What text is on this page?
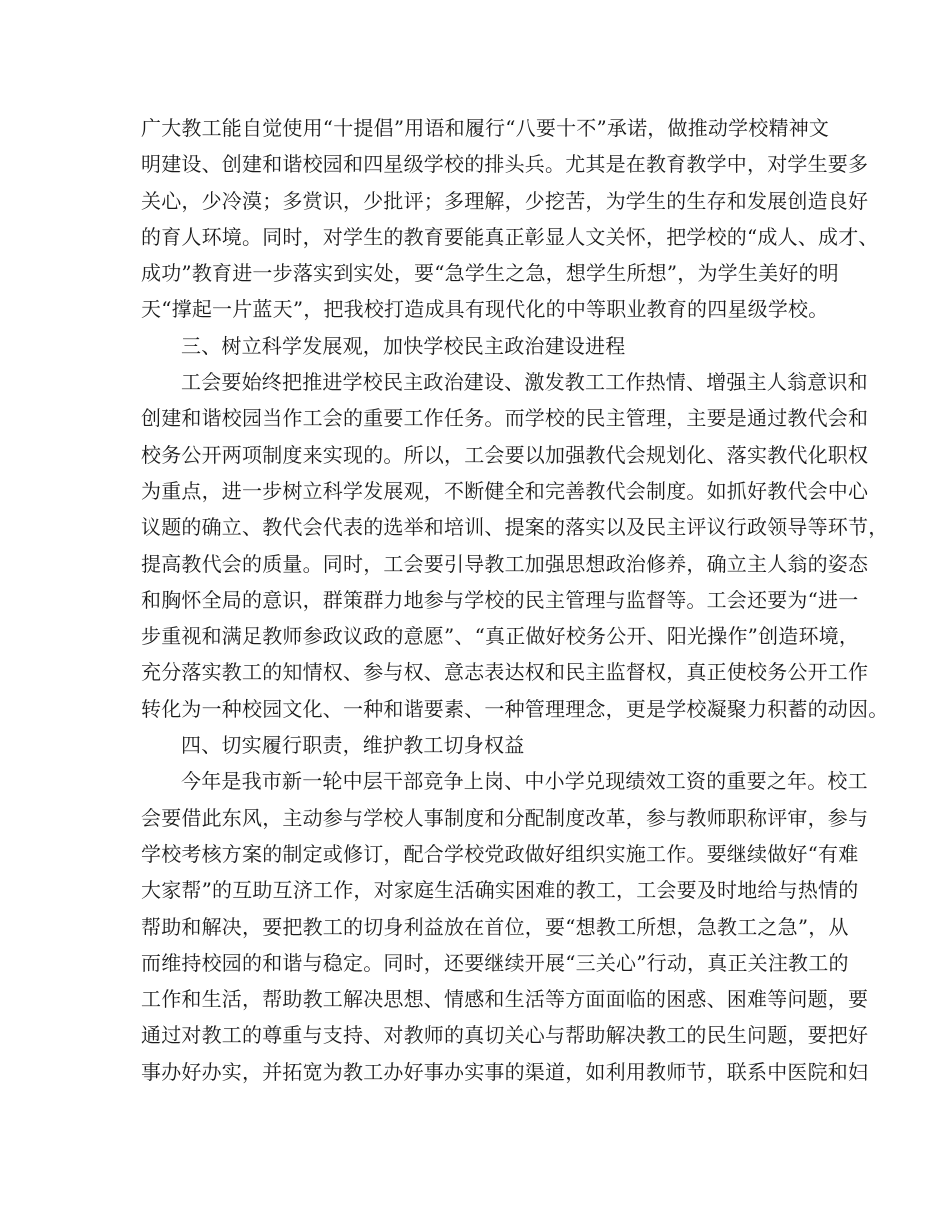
广大教工能自觉使用“十提倡”用语和履行“八要十不”承诺，做推动学校精神文
明建设、创建和谐校园和四星级学校的排头兵。尤其是在教育教学中，对学生要多
关心，少冷漠；多赏识，少批评；多理解，少挖苦，为学生的生存和发展创造良好
的育人环境。同时，对学生的教育要能真正彰显人文关怀，把学校的“成人、成才、
成功”教育进一步落实到实处，要“急学生之急，想学生所想”，为学生美好的明
天“撑起一片蓝天”，把我校打造成具有现代化的中等职业教育的四星级学校。
三、树立科学发展观，加快学校民主政治建设进程
工会要始终把推进学校民主政治建设、激发教工工作热情、增强主人翁意识和
创建和谐校园当作工会的重要工作任务。而学校的民主管理，主要是通过教代会和
校务公开两项制度来实现的。所以，工会要以加强教代会规划化、落实教代化职权
为重点，进一步树立科学发展观，不断健全和完善教代会制度。如抓好教代会中心
议题的确立、教代会代表的选举和培训、提案的落实以及民主评议行政领导等环节，
提高教代会的质量。同时，工会要引导教工加强思想政治修养，确立主人翁的姿态
和胸怀全局的意识，群策群力地参与学校的民主管理与监督等。工会还要为“进一
步重视和满足教师参政议政的意愿”、“真正做好校务公开、阳光操作”创造环境，
充分落实教工的知情权、参与权、意志表达权和民主监督权，真正使校务公开工作
转化为一种校园文化、一种和谐要素、一种管理理念，更是学校凝聚力积蓄的动因。
四、切实履行职责，维护教工切身权益
今年是我市新一轮中层干部竞争上岗、中小学兑现绩效工资的重要之年。校工
会要借此东风，主动参与学校人事制度和分配制度改革，参与教师职称评审，参与
学校考核方案的制定或修订，配合学校党政做好组织实施工作。要继续做好“有难
大家帮”的互助互济工作，对家庭生活确实困难的教工，工会要及时地给与热情的
帮助和解决，要把教工的切身利益放在首位，要“想教工所想，急教工之急”，从
而维持校园的和谐与稳定。同时，还要继续开展“三关心”行动，真正关注教工的
工作和生活，帮助教工解决思想、情感和生活等方面面临的困惑、困难等问题，要
通过对教工的尊重与支持、对教师的真切关心与帮助解决教工的民生问题，要把好
事办好办实，并拓宽为教工办好事办实事的渠道，如利用教师节，联系中医院和妇
